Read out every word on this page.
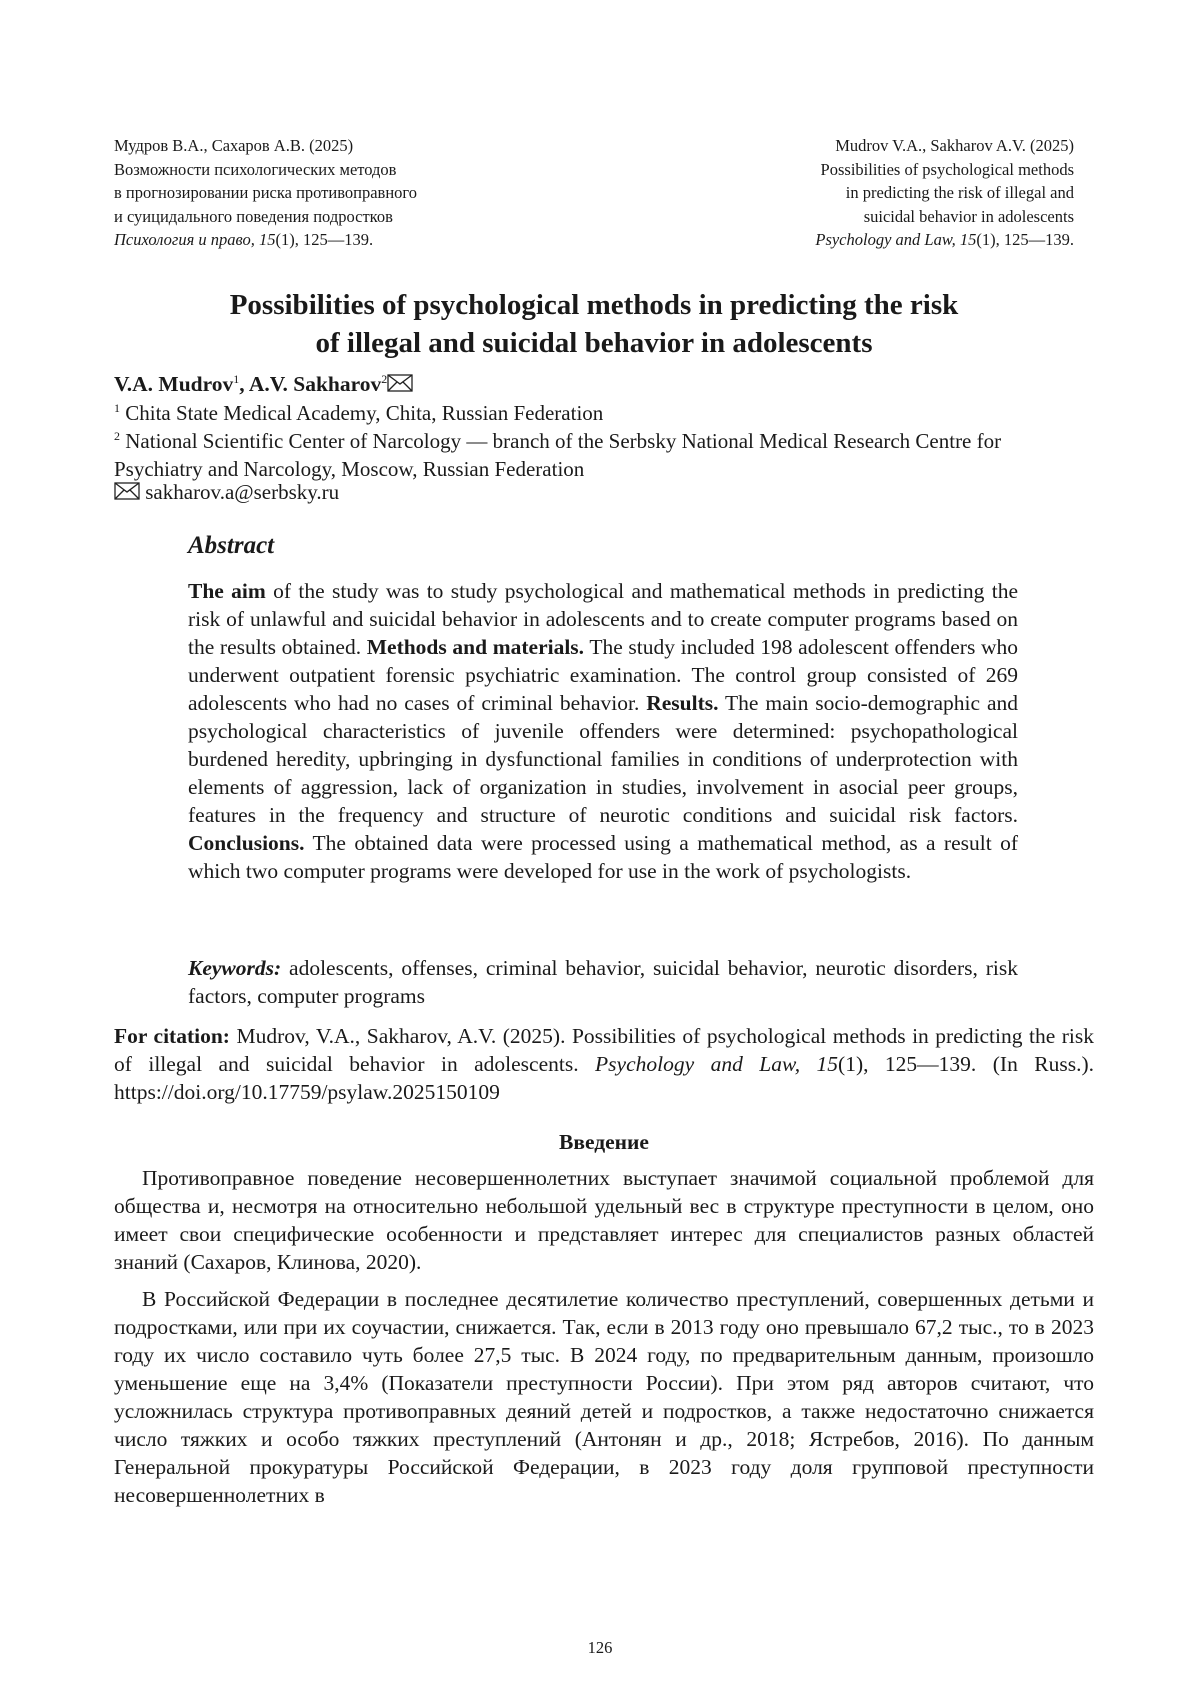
Мудров В.А., Сахаров А.В. (2025)
Возможности психологических методов
в прогнозировании риска противоправного
и суицидального поведения подростков
Психология и право, 15(1), 125—139.
Mudrov V.A., Sakharov A.V. (2025)
Possibilities of psychological methods
in predicting the risk of illegal and
suicidal behavior in adolescents
Psychology and Law, 15(1), 125—139.
Possibilities of psychological methods in predicting the risk
of illegal and suicidal behavior in adolescents
V.A. Mudrov$^1$, A.V. Sakharov$^2$
$^1$ Chita State Medical Academy, Chita, Russian Federation
$^2$ National Scientific Center of Narcology — branch of the Serbsky National Medical Research Centre for Psychiatry and Narcology, Moscow, Russian Federation
sakharov.a@serbsky.ru
Abstract
The aim of the study was to study psychological and mathematical methods in predicting the risk of unlawful and suicidal behavior in adolescents and to create computer programs based on the results obtained. Methods and materials. The study included 198 adolescent offenders who underwent outpatient forensic psychiatric examination. The control group consisted of 269 adolescents who had no cases of criminal behavior. Results. The main socio-demographic and psychological characteristics of juvenile offenders were determined: psychopathological burdened heredity, upbringing in dysfunctional families in conditions of underprotection with elements of aggression, lack of organization in studies, involvement in asocial peer groups, features in the frequency and structure of neurotic conditions and suicidal risk factors. Conclusions. The obtained data were processed using a mathematical method, as a result of which two computer programs were developed for use in the work of psychologists.
Keywords: adolescents, offenses, criminal behavior, suicidal behavior, neurotic disorders, risk factors, computer programs
For citation: Mudrov, V.A., Sakharov, A.V. (2025). Possibilities of psychological methods in predicting the risk of illegal and suicidal behavior in adolescents. Psychology and Law, 15(1), 125—139. (In Russ.). https://doi.org/10.17759/psylaw.2025150109
Введение

Противоправное поведение несовершеннолетних выступает значимой социальной проблемой для общества и, несмотря на относительно небольшой удельный вес в структуре преступности в целом, оно имеет свои специфические особенности и представляет интерес для специалистов разных областей знаний (Сахаров, Клинова, 2020).

В Российской Федерации в последнее десятилетие количество преступлений, совершенных детьми и подростками, или при их соучастии, снижается. Так, если в 2013 году оно превышало 67,2 тыс., то в 2023 году их число составило чуть более 27,5 тыс. В 2024 году, по предварительным данным, произошло уменьшение еще на 3,4% (Показатели преступности России). При этом ряд авторов считают, что усложнилась структура противоправных деяний детей и подростков, а также недостаточно снижается число тяжких и особо тяжких преступлений (Антонян и др., 2018; Ястребов, 2016). По данным Генеральной прокуратуры Российской Федерации, в 2023 году доля групповой преступности несовершеннолетних в

126
